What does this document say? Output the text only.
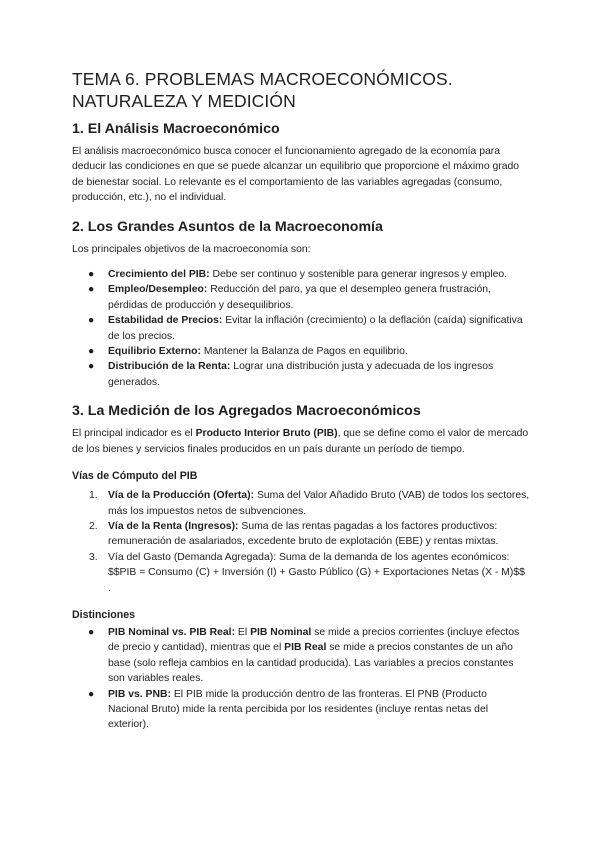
TEMA 6. PROBLEMAS MACROECONÓMICOS.
NATURALEZA Y MEDICIÓN
1. El Análisis Macroeconómico

El análisis macroeconómico busca conocer el funcionamiento agregado de la economía para deducir las condiciones en que se puede alcanzar un equilibrio que proporcione el máximo grado de bienestar social. Lo relevante es el comportamiento de las variables agregadas (consumo, producción, etc.), no el individual.

2. Los Grandes Asuntos de la Macroeconomía

Los principales objetivos de la macroeconomía son:

● Crecimiento del PIB: Debe ser continuo y sostenible para generar ingresos y empleo.
● Empleo/Desempleo: Reducción del paro, ya que el desempleo genera frustración, pérdidas de producción y desequilibrios.
● Estabilidad de Precios: Evitar la inflación (crecimiento) o la deflación (caída) significativa de los precios.
● Equilibrio Externo: Mantener la Balanza de Pagos en equilibrio.
● Distribución de la Renta: Lograr una distribución justa y adecuada de los ingresos generados.
3. La Medición de los Agregados Macroeconómicos

El principal indicador es el Producto Interior Bruto (PIB), que se define como el valor de mercado de los bienes y servicios finales producidos en un país durante un período de tiempo.

Vías de Cómputo del PIB
1. Vía de la Producción (Oferta): Suma del Valor Añadido Bruto (VAB) de todos los sectores, más los impuestos netos de subvenciones.
2. Vía de la Renta (Ingresos): Suma de las rentas pagadas a los factores productivos: remuneración de asalariados, excedente bruto de explotación (EBE) y rentas mixtas.
3. Vía del Gasto (Demanda Agregada): Suma de la demanda de los agentes económicos:
$$PIB = Consumo (C) + Inversión (I) + Gasto Público (G) + Exportaciones Netas (X - M)$$
.
Distinciones
● PIB Nominal vs. PIB Real: El PIB Nominal se mide a precios corrientes (incluye efectos de precio y cantidad), mientras que el PIB Real se mide a precios constantes de un año base (solo refleja cambios en la cantidad producida). Las variables a precios constantes son variables reales.
● PIB vs. PNB: El PIB mide la producción dentro de las fronteras. El PNB (Producto Nacional Bruto) mide la renta percibida por los residentes (incluye rentas netas del exterior).
